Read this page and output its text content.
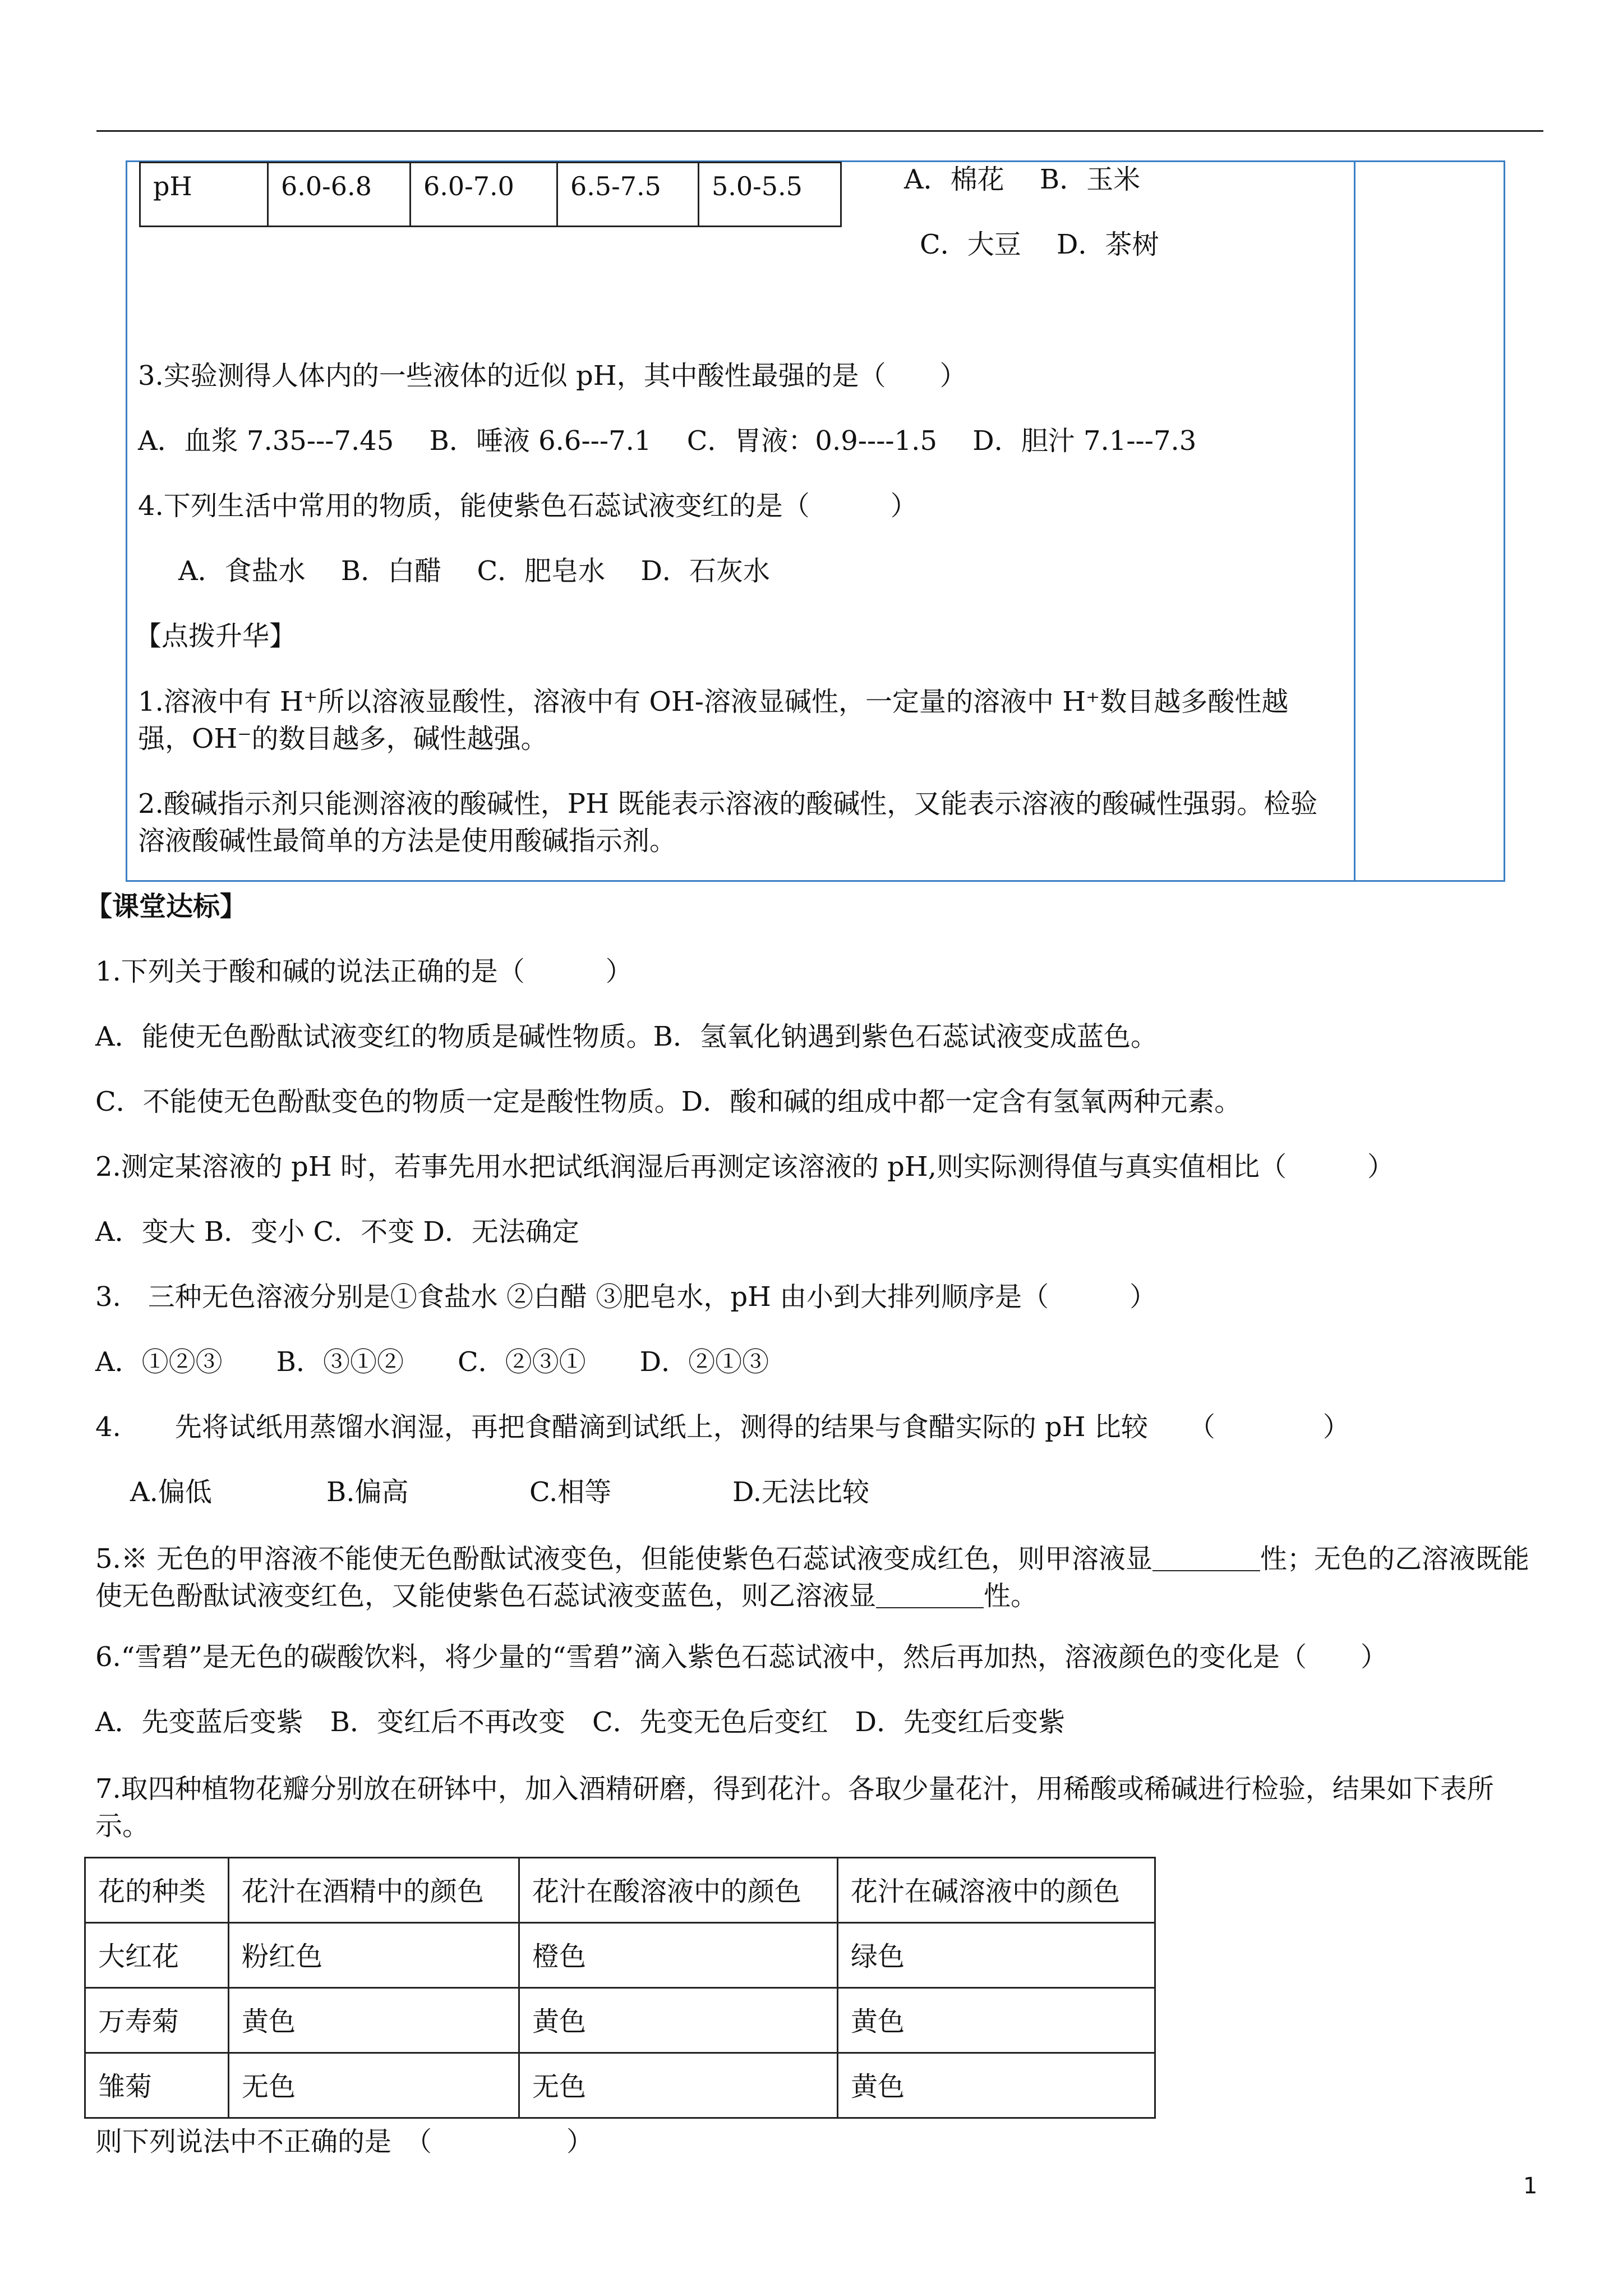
pH	6.0-6.8	6.0-7.0	6.5-7.5	5.0-5.5	A．棉花　 B．玉米
C．大豆　 D．茶树
3.实验测得人体内的一些液体的近似 pH，其中酸性最强的是（　　）
A．血浆 7.35---7.45　 B．唾液 6.6---7.1　 C．胃液：0.9----1.5　 D．胆汁 7.1---7.3
4.下列生活中常用的物质，能使紫色石蕊试液变红的是（　　　）
A．食盐水　 B．白醋　 C．肥皂水　 D．石灰水
【点拨升华】
1.溶液中有 H⁺所以溶液显酸性，溶液中有 OH-溶液显碱性，一定量的溶液中 H⁺数目越多酸性越强，OH⁻的数目越多，碱性越强。
2.酸碱指示剂只能测溶液的酸碱性，PH 既能表示溶液的酸碱性，又能表示溶液的酸碱性强弱。检验溶液酸碱性最简单的方法是使用酸碱指示剂。
【课堂达标】
1.下列关于酸和碱的说法正确的是（　　　）
A．能使无色酚酞试液变红的物质是碱性物质。B．氢氧化钠遇到紫色石蕊试液变成蓝色。
C．不能使无色酚酞变色的物质一定是酸性物质。D．酸和碱的组成中都一定含有氢氧两种元素。
2.测定某溶液的 pH 时，若事先用水把试纸润湿后再测定该溶液的 pH,则实际测得值与真实值相比（　　　）
A．变大 B．变小 C．不变 D．无法确定
3.　三种无色溶液分别是①食盐水 ②白醋 ③肥皂水，pH 由小到大排列顺序是（　　　）
A．①②③　　B．③①②　　C．②③①　　D．②①③
4.　　先将试纸用蒸馏水润湿，再把食醋滴到试纸上，测得的结果与食醋实际的 pH 比较　　（　　　　）
A.偏低	B.偏高	C.相等	D.无法比较
5.※ 无色的甲溶液不能使无色酚酞试液变色，但能使紫色石蕊试液变成红色，则甲溶液显＿＿＿＿性；无色的乙溶液既能使无色酚酞试液变红色，又能使紫色石蕊试液变蓝色，则乙溶液显＿＿＿＿性。
6.“雪碧”是无色的碳酸饮料，将少量的“雪碧”滴入紫色石蕊试液中，然后再加热，溶液颜色的变化是（　　）
A．先变蓝后变紫　B．变红后不再改变　C．先变无色后变红　D．先变红后变紫
7.取四种植物花瓣分别放在研钵中，加入酒精研磨，得到花汁。各取少量花汁，用稀酸或稀碱进行检验，结果如下表所示。
花的种类	花汁在酒精中的颜色	花汁在酸溶液中的颜色	花汁在碱溶液中的颜色
大红花	粉红色	橙色	绿色
万寿菊	黄色	黄色	黄色
雏菊	无色	无色	黄色
则下列说法中不正确的是　（　　　　　）
1
